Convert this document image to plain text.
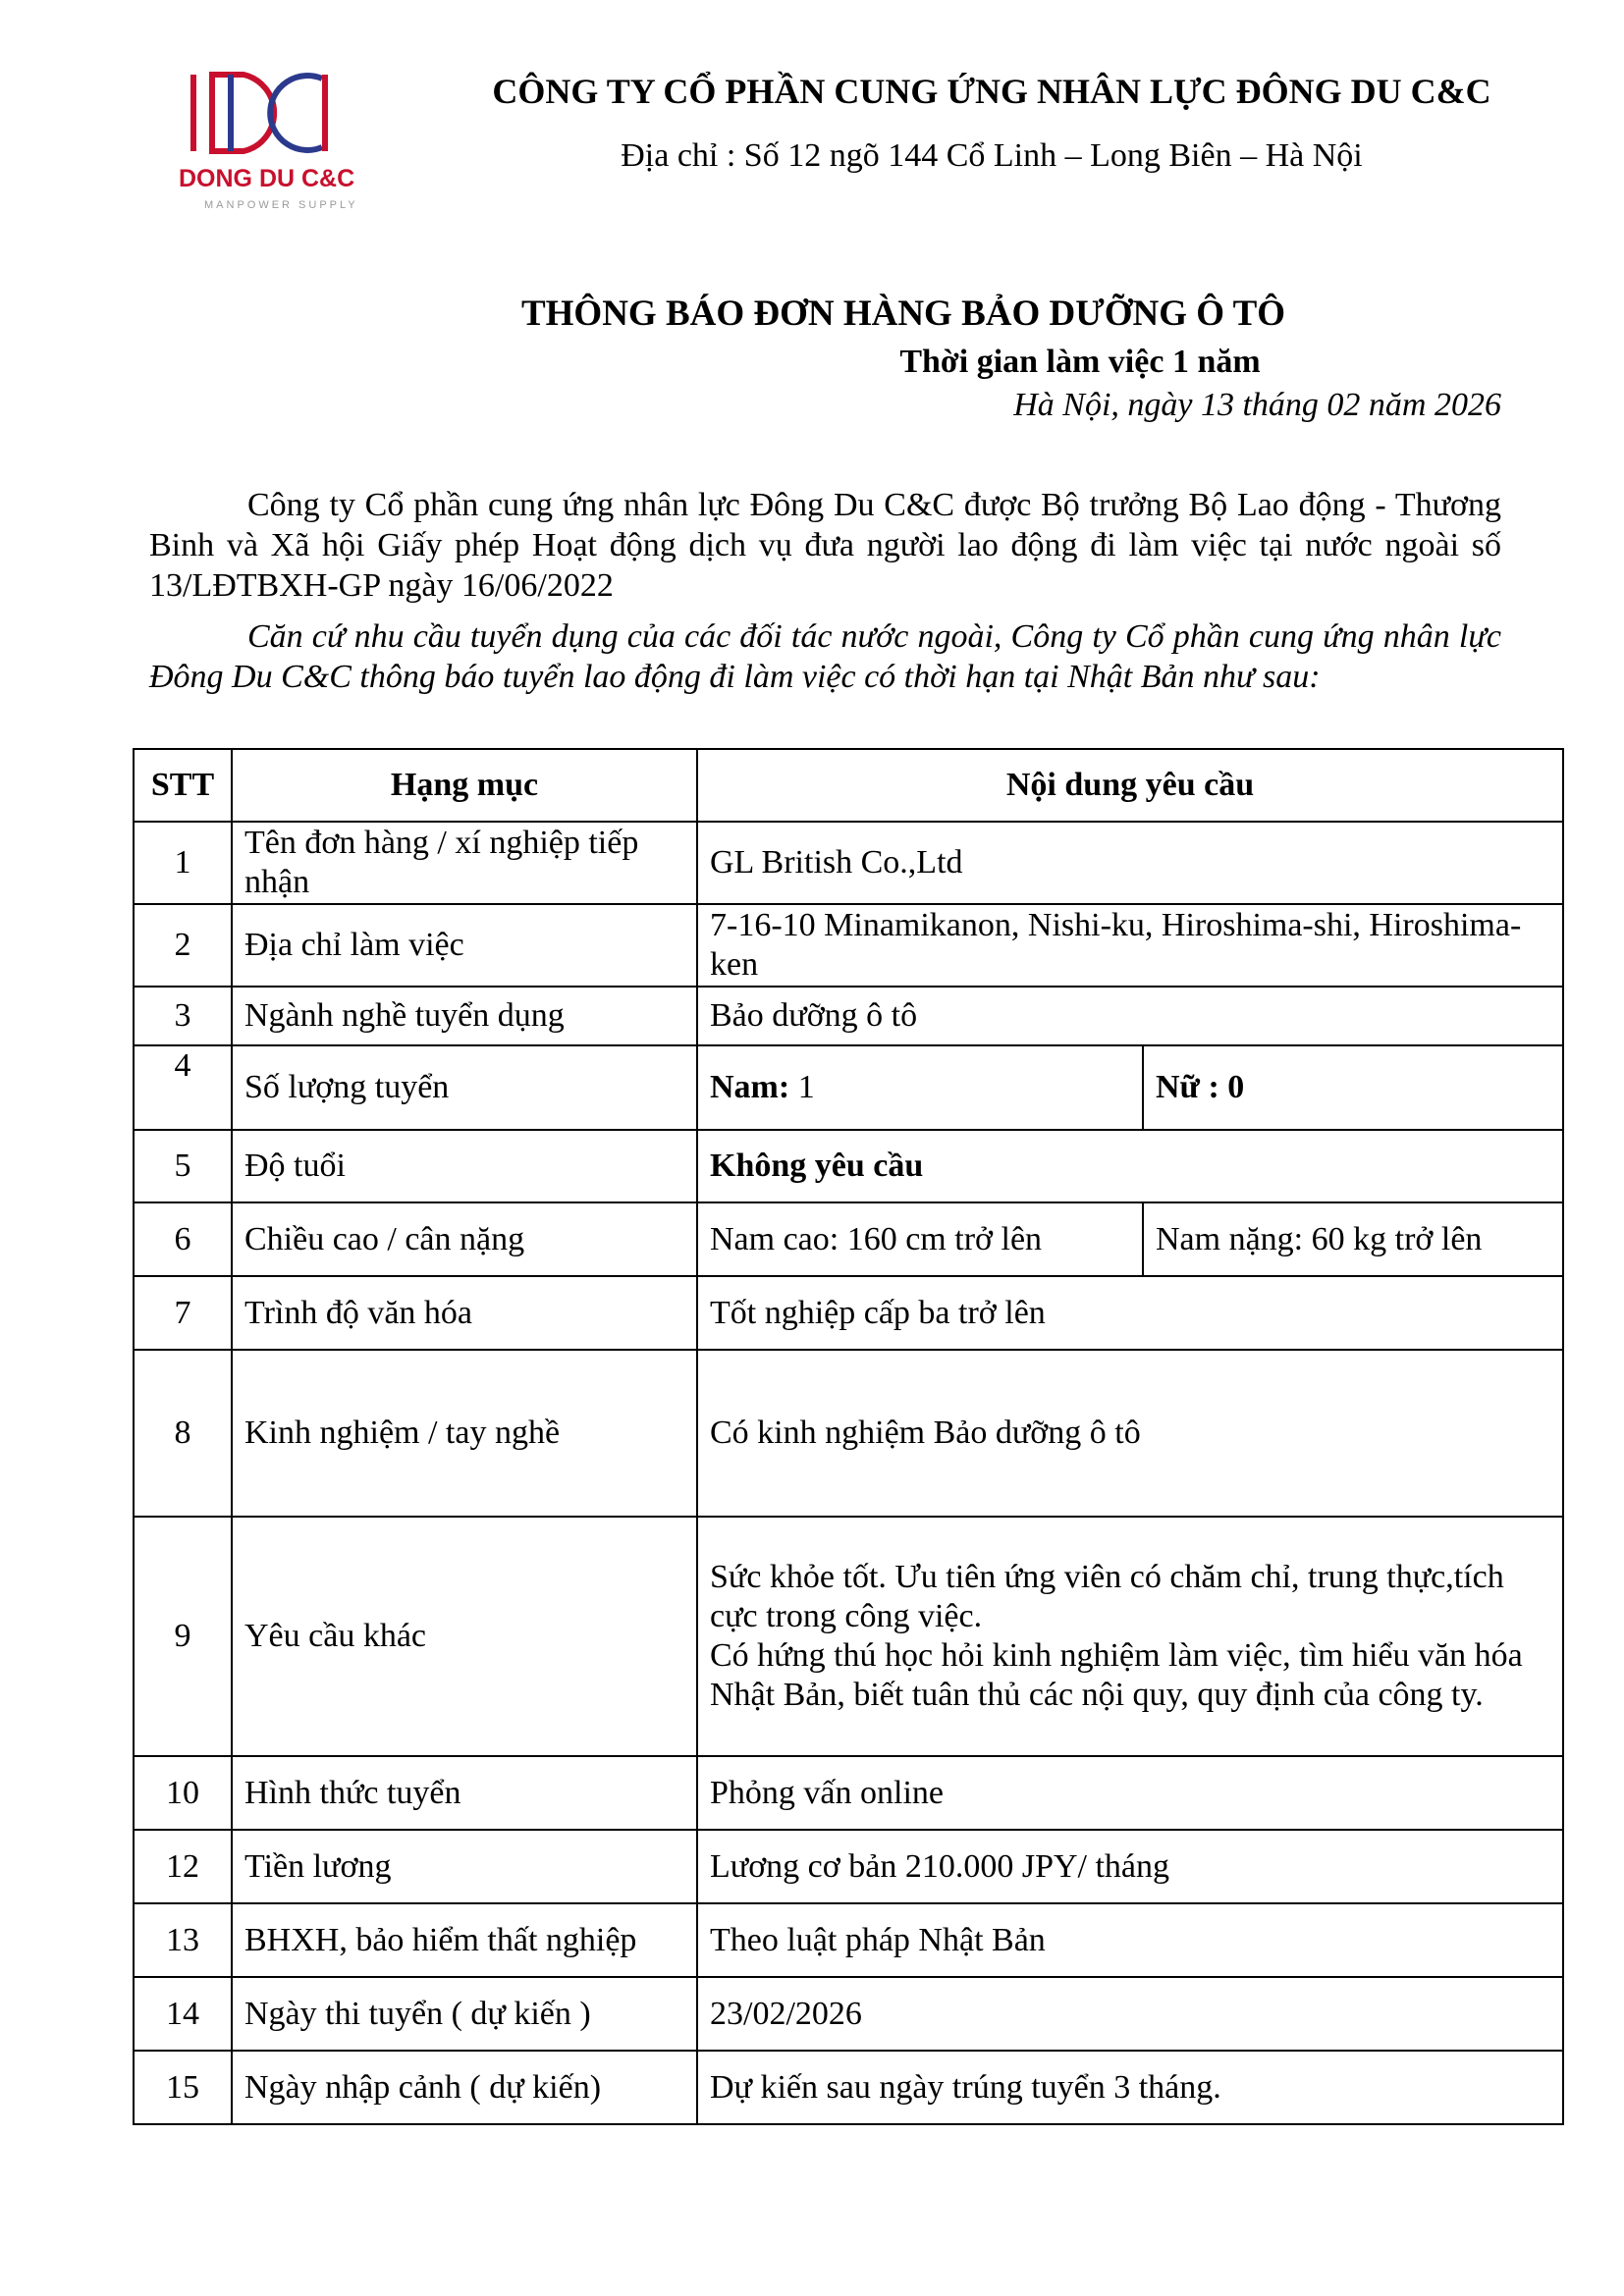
DONG DU C&C
MANPOWER SUPPLY
CÔNG TY CỔ PHẦN CUNG ỨNG NHÂN LỰC ĐÔNG DU C&C
Địa chỉ : Số 12 ngõ 144 Cổ Linh – Long Biên – Hà Nội
THÔNG BÁO ĐƠN HÀNG BẢO DƯỠNG Ô TÔ
Thời gian làm việc 1 năm
Hà Nội, ngày 13 tháng 02 năm 2026
Công ty Cổ phần cung ứng nhân lực Đông Du C&C được Bộ trưởng Bộ Lao động - Thương Binh và Xã hội Giấy phép Hoạt động dịch vụ đưa người lao động đi làm việc tại nước ngoài số 13/LĐTBXH-GP ngày 16/06/2022
Căn cứ nhu cầu tuyển dụng của các đối tác nước ngoài, Công ty Cổ phần cung ứng nhân lực Đông Du C&C thông báo tuyển lao động đi làm việc có thời hạn tại Nhật Bản như sau:
STT	Hạng mục	Nội dung yêu cầu	
1	Tên đơn hàng / xí nghiệp tiếp nhận	GL British Co.,Ltd	
2	Địa chỉ làm việc	7-16-10 Minamikanon, Nishi-ku, Hiroshima-shi, Hiroshima-ken	
3	Ngành nghề tuyển dụng	Bảo dưỡng ô tô	
4	Số lượng tuyển	Nam: 1	Nữ : 0
5	Độ tuổi	Không yêu cầu	
6	Chiều cao / cân nặng	Nam cao: 160 cm trở lên	Nam nặng: 60 kg trở lên
7	Trình độ văn hóa	Tốt nghiệp cấp ba trở lên	
8	Kinh nghiệm / tay nghề	Có kinh nghiệm Bảo dưỡng ô tô	
9	Yêu cầu khác	Sức khỏe tốt. Ưu tiên ứng viên có chăm chỉ, trung thực,tích cực trong công việc.
Có hứng thú học hỏi kinh nghiệm làm việc, tìm hiểu văn hóa Nhật Bản, biết tuân thủ các nội quy, quy định của công ty.	

10	Hình thức tuyển	Phỏng vấn online	
12	Tiền lương	Lương cơ bản 210.000 JPY/ tháng	
13	BHXH, bảo hiểm thất nghiệp	Theo luật pháp Nhật Bản	
14	Ngày thi tuyển ( dự kiến )	23/02/2026	
15	Ngày nhập cảnh ( dự kiến)	Dự kiến sau ngày trúng tuyển 3 tháng.	
